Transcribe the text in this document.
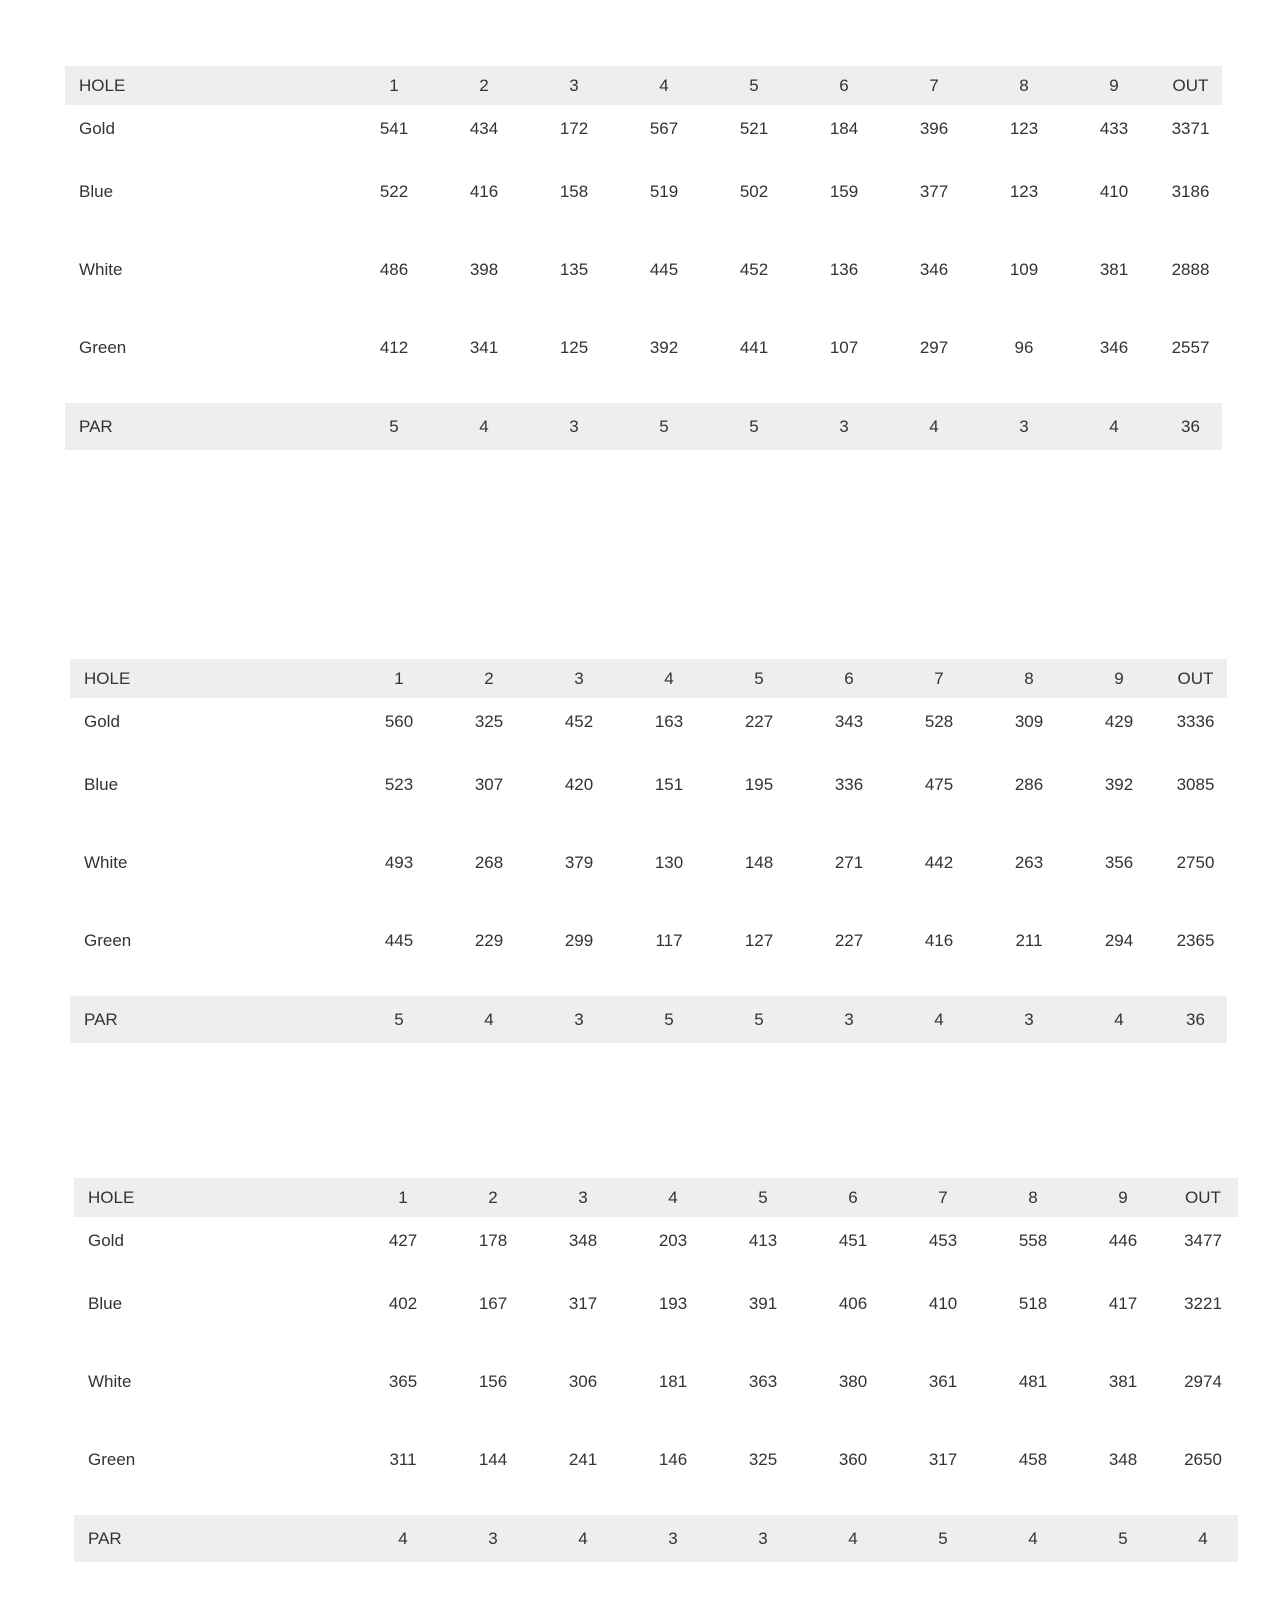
HOLE	1	2	3	4	5	6	7	8	9	OUT
Gold	541	434	172	567	521	184	396	123	433	3371
Blue	522	416	158	519	502	159	377	123	410	3186
White	486	398	135	445	452	136	346	109	381	2888
Green	412	341	125	392	441	107	297	96	346	2557

PAR	5	4	3	5	5	3	4	3	4	36
HOLE	1	2	3	4	5	6	7	8	9	OUT
Gold	560	325	452	163	227	343	528	309	429	3336
Blue	523	307	420	151	195	336	475	286	392	3085
White	493	268	379	130	148	271	442	263	356	2750
Green	445	229	299	117	127	227	416	211	294	2365

PAR	5	4	3	5	5	3	4	3	4	36
HOLE	1	2	3	4	5	6	7	8	9	OUT
Gold	427	178	348	203	413	451	453	558	446	3477
Blue	402	167	317	193	391	406	410	518	417	3221
White	365	156	306	181	363	380	361	481	381	2974
Green	311	144	241	146	325	360	317	458	348	2650

PAR	4	3	4	3	3	4	5	4	5	4
